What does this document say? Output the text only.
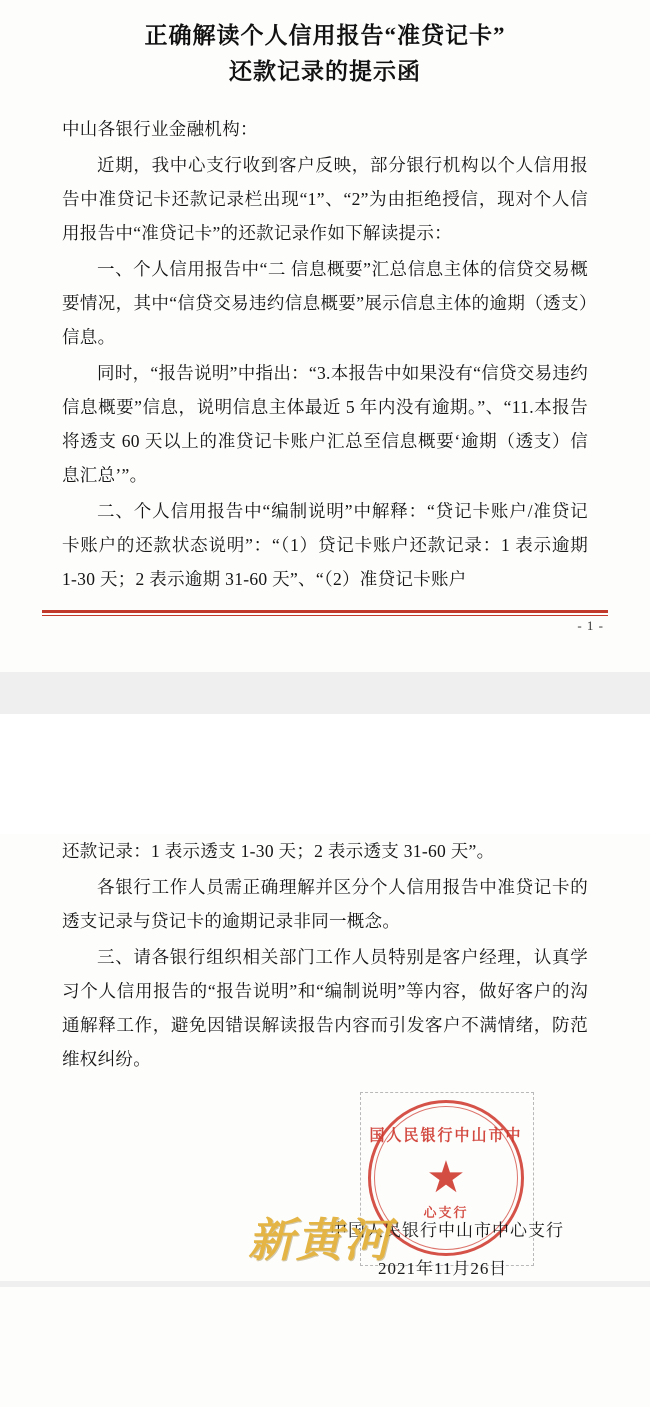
正确解读个人信用报告“准贷记卡”
还款记录的提示函

中山各银行业金融机构：

近期，我中心支行收到客户反映，部分银行机构以个人信用报告中准贷记卡还款记录栏出现“1”、“2”为由拒绝授信，现对个人信用报告中“准贷记卡”的还款记录作如下解读提示：

一、个人信用报告中“二 信息概要”汇总信息主体的信贷交易概要情况，其中“信贷交易违约信息概要”展示信息主体的逾期（透支）信息。

同时，“报告说明”中指出：“3.本报告中如果没有“信贷交易违约信息概要”信息，说明信息主体最近 5 年内没有逾期。”、“11.本报告将透支 60 天以上的准贷记卡账户汇总至信息概要‘逾期（透支）信息汇总’”。

二、个人信用报告中“编制说明”中解释：“贷记卡账户/准贷记卡账户的还款状态说明”：“（1）贷记卡账户还款记录：1 表示逾期 1-30 天；2 表示逾期 31-60 天”、“（2）准贷记卡账户

- 1 -

还款记录：1 表示透支 1-30 天；2 表示透支 31-60 天”。

各银行工作人员需正确理解并区分个人信用报告中准贷记卡的透支记录与贷记卡的逾期记录非同一概念。

三、请各银行组织相关部门工作人员特别是客户经理，认真学习个人信用报告的“报告说明”和“编制说明”等内容，做好客户的沟通解释工作，避免因错误解读报告内容而引发客户不满情绪，防范维权纠纷。

国人民银行中山市中
★
心支行
中国人民银行中山市中心支行
2021年11月26日
新黄河
